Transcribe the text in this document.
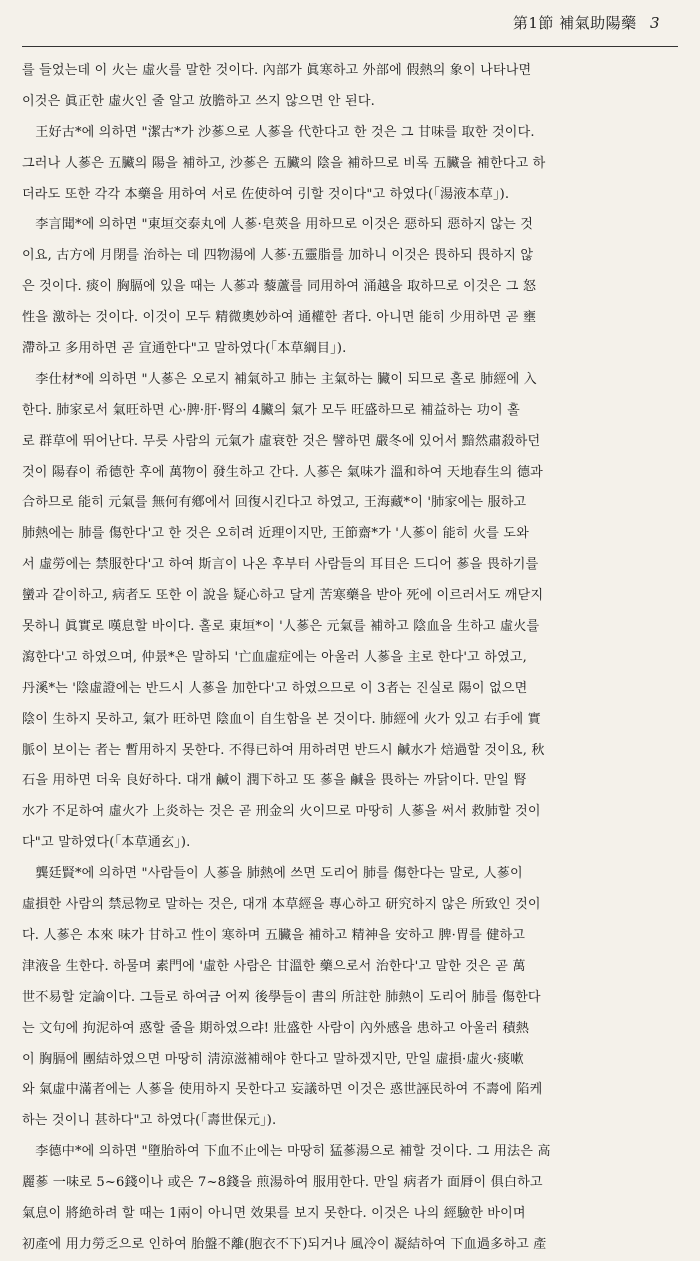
第1節 補氣助陽藥 3
를 들었는데 이 火는 虛火를 말한 것이다. 內部가 眞寒하고 外部에 假熱의 象이 나타나면
이것은 眞正한 虛火인 줄 알고 放膽하고 쓰지 않으면 안 된다.
　王好古*에 의하면 "潔古*가 沙蔘으로 人蔘을 代한다고 한 것은 그 甘味를 取한 것이다.
그러나 人蔘은 五臟의 陽을 補하고, 沙蔘은 五臟의 陰을 補하므로 비록 五臟을 補한다고 하
더라도 또한 각각 本藥을 用하여 서로 佐使하여 引할 것이다"고 하였다(「湯液本草」).
　李言聞*에 의하면 "東垣交泰丸에 人蔘·皂莢을 用하므로 이것은 惡하되 惡하지 않는 것
이요, 古方에 月閉를 治하는 데 四物湯에 人蔘·五靈脂를 加하니 이것은 畏하되 畏하지 않
은 것이다. 痰이 胸膈에 있을 때는 人蔘과 藜蘆를 同用하여 涌越을 取하므로 이것은 그 怒
性을 激하는 것이다. 이것이 모두 精微奧妙하여 通權한 者다. 아니면 能히 少用하면 곧 壅
滯하고 多用하면 곧 宣通한다"고 말하였다(「本草綱目」).
　李仕材*에 의하면 "人蔘은 오로지 補氣하고 肺는 主氣하는 臟이 되므로 홀로 肺經에 入
한다. 肺家로서 氣旺하면 心·脾·肝·腎의 4臟의 氣가 모두 旺盛하므로 補益하는 功이 홀
로 群草에 뛰어난다. 무릇 사람의 元氣가 虛衰한 것은 譬하면 嚴冬에 있어서 黯然肅殺하던
것이 陽春이 希德한 후에 萬物이 發生하고 간다. 人蔘은 氣味가 溫和하여 天地春生의 德과
合하므로 能히 元氣를 無何有鄕에서 回復시킨다고 하였고, 王海藏*이 '肺家에는 服하고
肺熱에는 肺를 傷한다'고 한 것은 오히려 近理이지만, 王節齋*가 '人蔘이 能히 火를 도와
서 虛勞에는 禁服한다'고 하여 斯言이 나온 후부터 사람들의 耳目은 드디어 蔘을 畏하기를
蠻과 같이하고, 病者도 또한 이 說을 疑心하고 달게 苦寒藥을 받아 死에 이르러서도 깨닫지
못하니 眞實로 嘆息할 바이다. 홀로 東垣*이 '人蔘은 元氣를 補하고 陰血을 生하고 虛火를
瀉한다'고 하였으며, 仲景*은 말하되 '亡血虛症에는 아울러 人蔘을 主로 한다'고 하였고,
丹溪*는 '陰虛證에는 반드시 人蔘을 加한다'고 하였으므로 이 3者는 진실로 陽이 없으면
陰이 生하지 못하고, 氣가 旺하면 陰血이 自生함을 본 것이다. 肺經에 火가 있고 右手에 實
脈이 보이는 者는 暫用하지 못한다. 不得已하여 用하려면 반드시 鹹水가 焙過할 것이요, 秋
石을 用하면 더욱 良好하다. 대개 鹹이 潤下하고 또 蔘을 鹹을 畏하는 까닭이다. 만일 腎
水가 不足하여 虛火가 上炎하는 것은 곧 刑金의 火이므로 마땅히 人蔘을 써서 救肺할 것이
다"고 말하였다(「本草通玄」).
　龔廷賢*에 의하면 "사람들이 人蔘을 肺熱에 쓰면 도리어 肺를 傷한다는 말로, 人蔘이
虛損한 사람의 禁忌物로 말하는 것은, 대개 本草經을 專心하고 研究하지 않은 所致인 것이
다. 人蔘은 本來 味가 甘하고 性이 寒하며 五臟을 補하고 精神을 安하고 脾·胃를 健하고
津液을 生한다. 하물며 素門에 '虛한 사람은 甘溫한 藥으로서 治한다'고 말한 것은 곧 萬
世不易할 定論이다. 그들로 하여금 어찌 後學들이 書의 所註한 肺熱이 도리어 肺를 傷한다
는 文句에 拘泥하여 惑할 줄을 期하였으랴! 壯盛한 사람이 內外感을 患하고 아울러 積熱
이 胸膈에 團結하였으면 마땅히 淸涼滋補해야 한다고 말하겠지만, 만일 虛損·虛火·痰嗽
와 氣虛中滿者에는 人蔘을 使用하지 못한다고 妄議하면 이것은 惑世誣民하여 不壽에 陷케
하는 것이니 甚하다"고 하였다(「壽世保元」).
　李德中*에 의하면 "墮胎하여 下血不止에는 마땅히 猛蔘湯으로 補할 것이다. 그 用法은 高
麗蔘 一味로 5~6錢이나 或은 7~8錢을 煎湯하여 服用한다. 만일 病者가 面脣이 俱白하고
氣息이 將絶하려 할 때는 1兩이 아니면 效果를 보지 못한다. 이것은 나의 經驗한 바이며
初產에 用力勞乏으로 인하여 胎盤不離(胞衣不下)되거나 風冷이 凝結하여 下血過多하고 產
